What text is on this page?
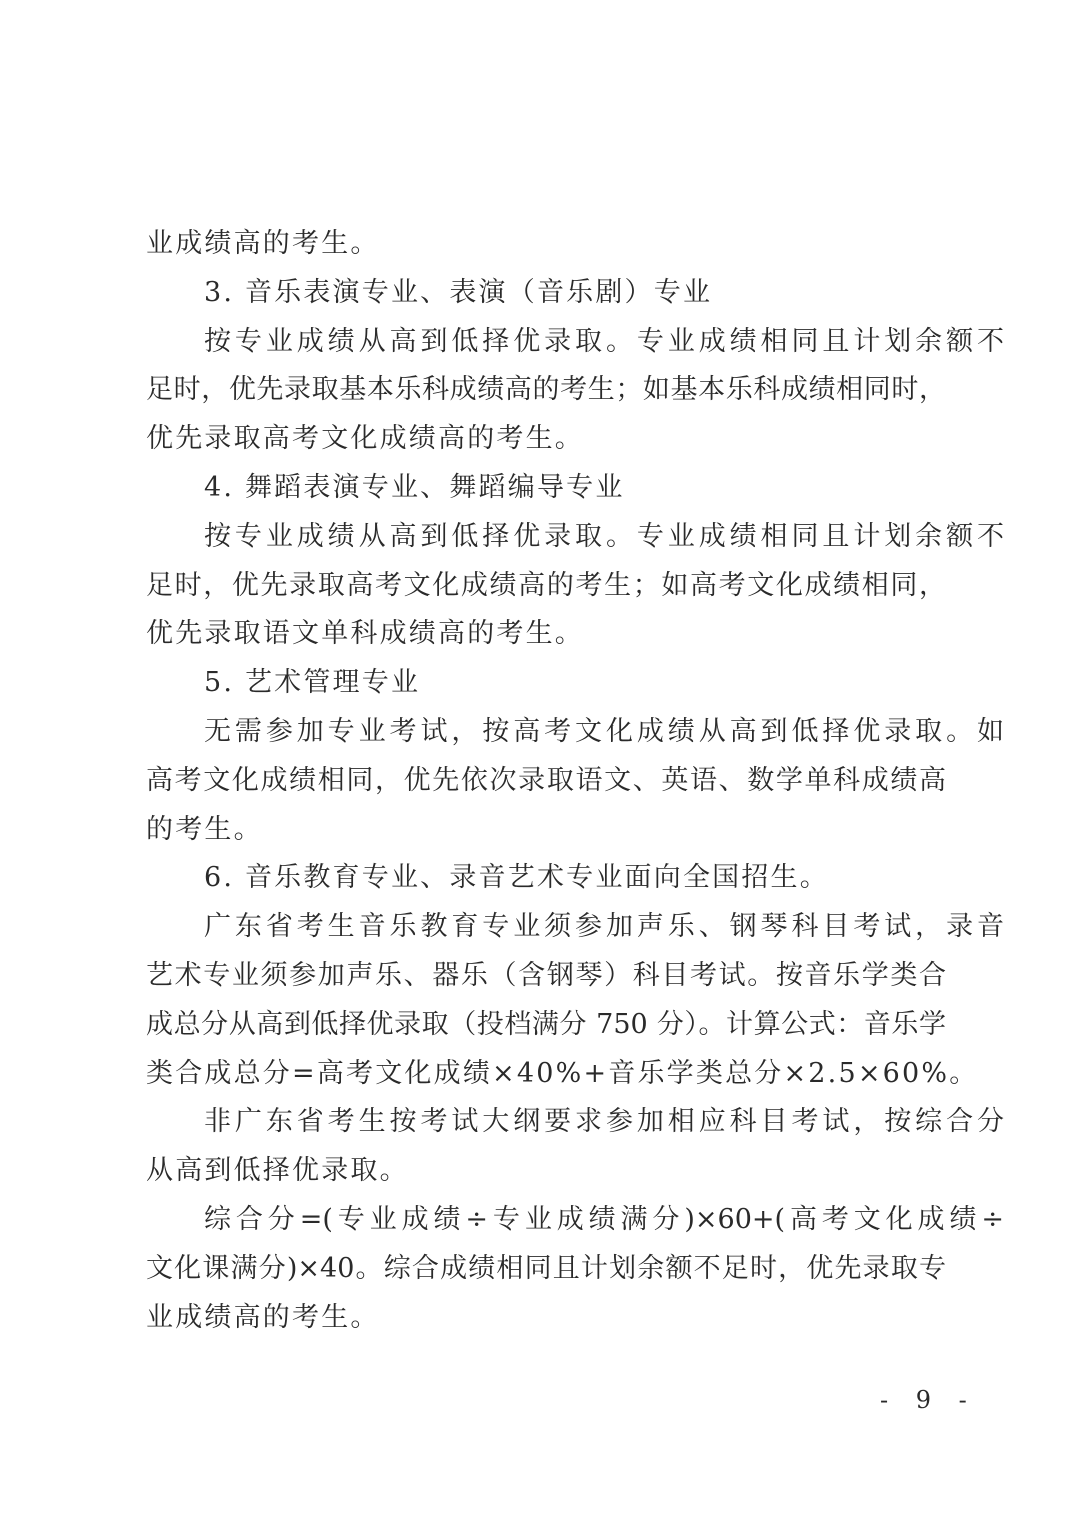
业成绩高的考生。
3. 音乐表演专业、表演（音乐剧）专业
按专业成绩从高到低择优录取。专业成绩相同且计划余额不
足时，优先录取基本乐科成绩高的考生；如基本乐科成绩相同时，
优先录取高考文化成绩高的考生。
4. 舞蹈表演专业、舞蹈编导专业
按专业成绩从高到低择优录取。专业成绩相同且计划余额不
足时，优先录取高考文化成绩高的考生；如高考文化成绩相同，
优先录取语文单科成绩高的考生。
5. 艺术管理专业
无需参加专业考试，按高考文化成绩从高到低择优录取。如
高考文化成绩相同，优先依次录取语文、英语、数学单科成绩高
的考生。
6. 音乐教育专业、录音艺术专业面向全国招生。
广东省考生音乐教育专业须参加声乐、钢琴科目考试，录音
艺术专业须参加声乐、器乐（含钢琴）科目考试。按音乐学类合
成总分从高到低择优录取（投档满分 750 分）。计算公式：音乐学
类合成总分=高考文化成绩×40%+音乐学类总分×2.5×60%。
非广东省考生按考试大纲要求参加相应科目考试，按综合分
从高到低择优录取。
综合分=(专业成绩÷专业成绩满分)×60+(高考文化成绩÷
文化课满分)×40。综合成绩相同且计划余额不足时，优先录取专
业成绩高的考生。
- 9 -
